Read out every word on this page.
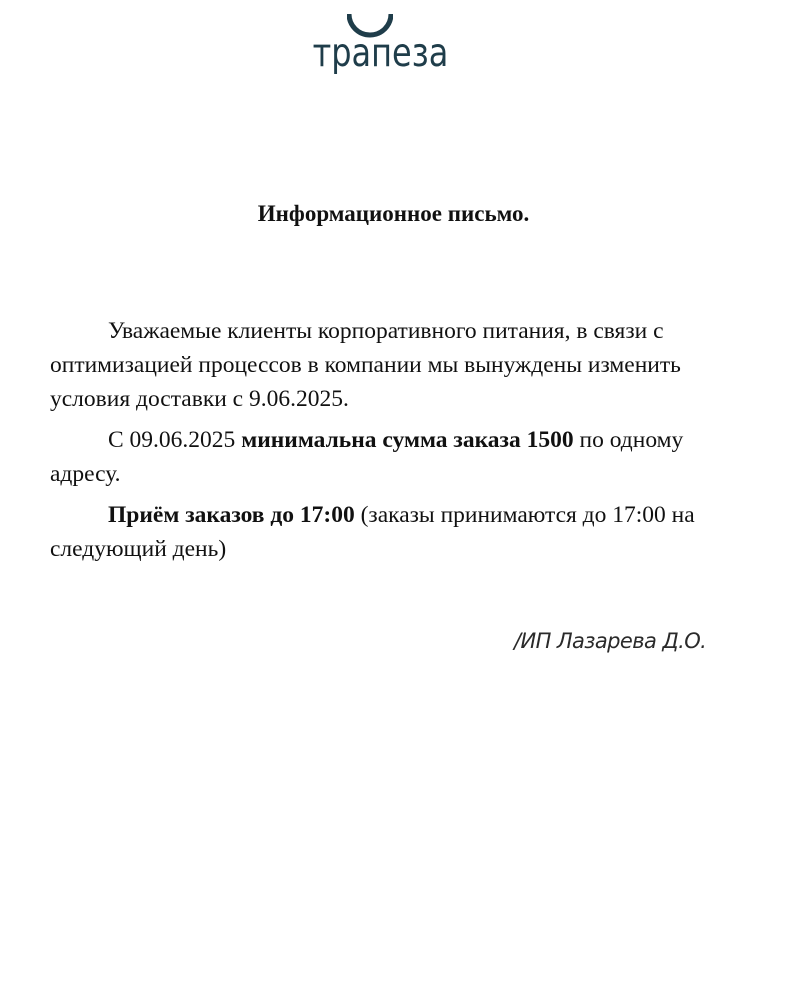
трапеза
Информационное письмо.

Уважаемые клиенты корпоративного питания, в связи с оптимизацией процессов в компании мы вынуждены изменить условия доставки с 9.06.2025.

С 09.06.2025 минимальна сумма заказа 1500 по одному адресу.

Приём заказов до 17:00 (заказы принимаются до 17:00 на следующий день)

/ИП Лазарева Д.О.
